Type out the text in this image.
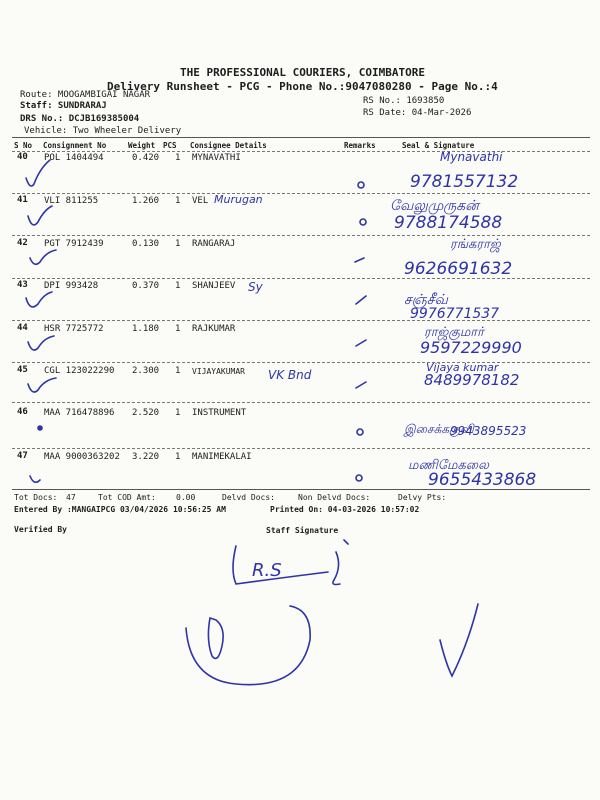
THE PROFESSIONAL COURIERS, COIMBATORE
Delivery Runsheet - PCG - Phone No.:9047080280 - Page No.:4
Route: MOOGAMBIGAI NAGAR
Staff: SUNDRARAJ
DRS No.: DCJB169385004
Vehicle: Two Wheeler Delivery
RS No.: 1693850
RS Date: 04-Mar-2026
S No Consignment No	Weight PCS Consignee Details	Remarks	Seal & Signature
40 POL 1404494	0.420 1 MYNAVATHI	Mynavathi
9781557132
41 VLI 811255	1.260 1 VEL Murugan	வேலுமுருகன்
9788174588
42 PGT 7912439	0.130 1 RANGARAJ	ரங்கராஜ்
9626691632
43 DPI 993428	0.370 1 SHANJEEV Sy
சஞ்சீவ்
9976771537
44 HSR 7725772	1.180 1 RAJKUMAR	ராஜ்குமார்
9597229990
45 CGL 123022290 2.300 1 VIJAYAKUMAR VK Bnd
Vijaya kumar
8489978182
46 MAA 716478896 2.520 1 INSTRUMENT
இசைக்கருவி
9943895523
47 MAA 9000363202 3.220 1 MANIMEKALAI
மணிமேகலை
9655433868
Tot Docs: 47	Tot COD Amt:	0.00	Delvd Docs:	Non Delvd Docs:	Delvy Pts:
Entered By :MANGAIPCG 03/04/2026 10:56:25 AM	Printed On: 04-03-2026 10:57:02
Verified By	Staff Signature
R.S
